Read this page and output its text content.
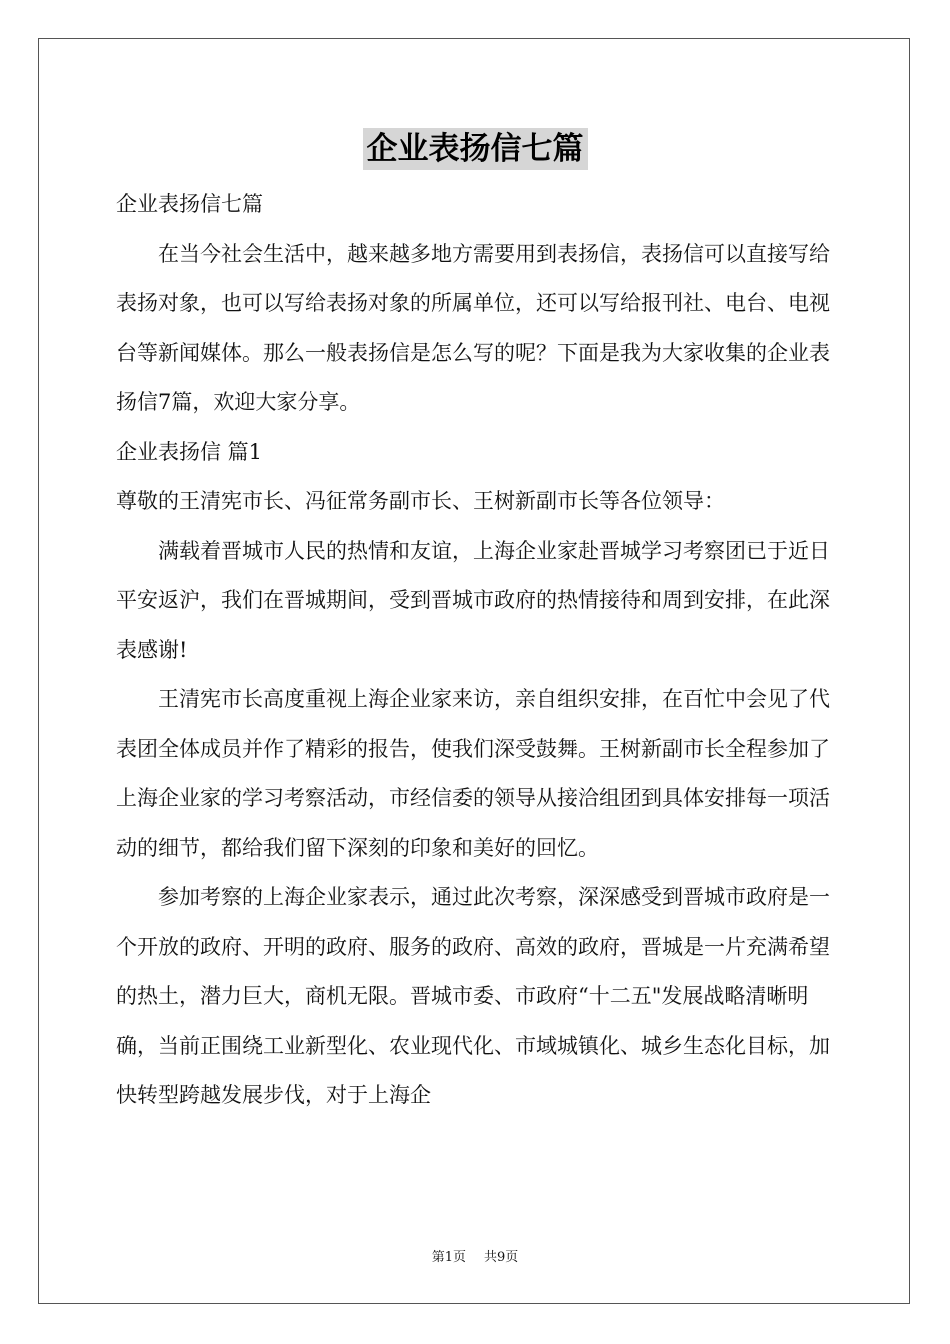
企业表扬信七篇

企业表扬信七篇

在当今社会生活中，越来越多地方需要用到表扬信，表扬信可以直接写给表扬对象，也可以写给表扬对象的所属单位，还可以写给报刊社、电台、电视台等新闻媒体。那么一般表扬信是怎么写的呢？下面是我为大家收集的企业表扬信7篇，欢迎大家分享。

企业表扬信 篇1

尊敬的王清宪市长、冯征常务副市长、王树新副市长等各位领导：

满载着晋城市人民的热情和友谊，上海企业家赴晋城学习考察团已于近日平安返沪，我们在晋城期间，受到晋城市政府的热情接待和周到安排，在此深表感谢!

王清宪市长高度重视上海企业家来访，亲自组织安排，在百忙中会见了代表团全体成员并作了精彩的报告，使我们深受鼓舞。王树新副市长全程参加了上海企业家的学习考察活动，市经信委的领导从接洽组团到具体安排每一项活动的细节，都给我们留下深刻的印象和美好的回忆。

参加考察的上海企业家表示，通过此次考察，深深感受到晋城市政府是一个开放的政府、开明的政府、服务的政府、高效的政府，晋城是一片充满希望的热土，潜力巨大，商机无限。晋城市委、市政府“十二五"发展战略清晰明确，当前正围绕工业新型化、农业现代化、市域城镇化、城乡生态化目标，加快转型跨越发展步伐，对于上海企

第1页 共9页
